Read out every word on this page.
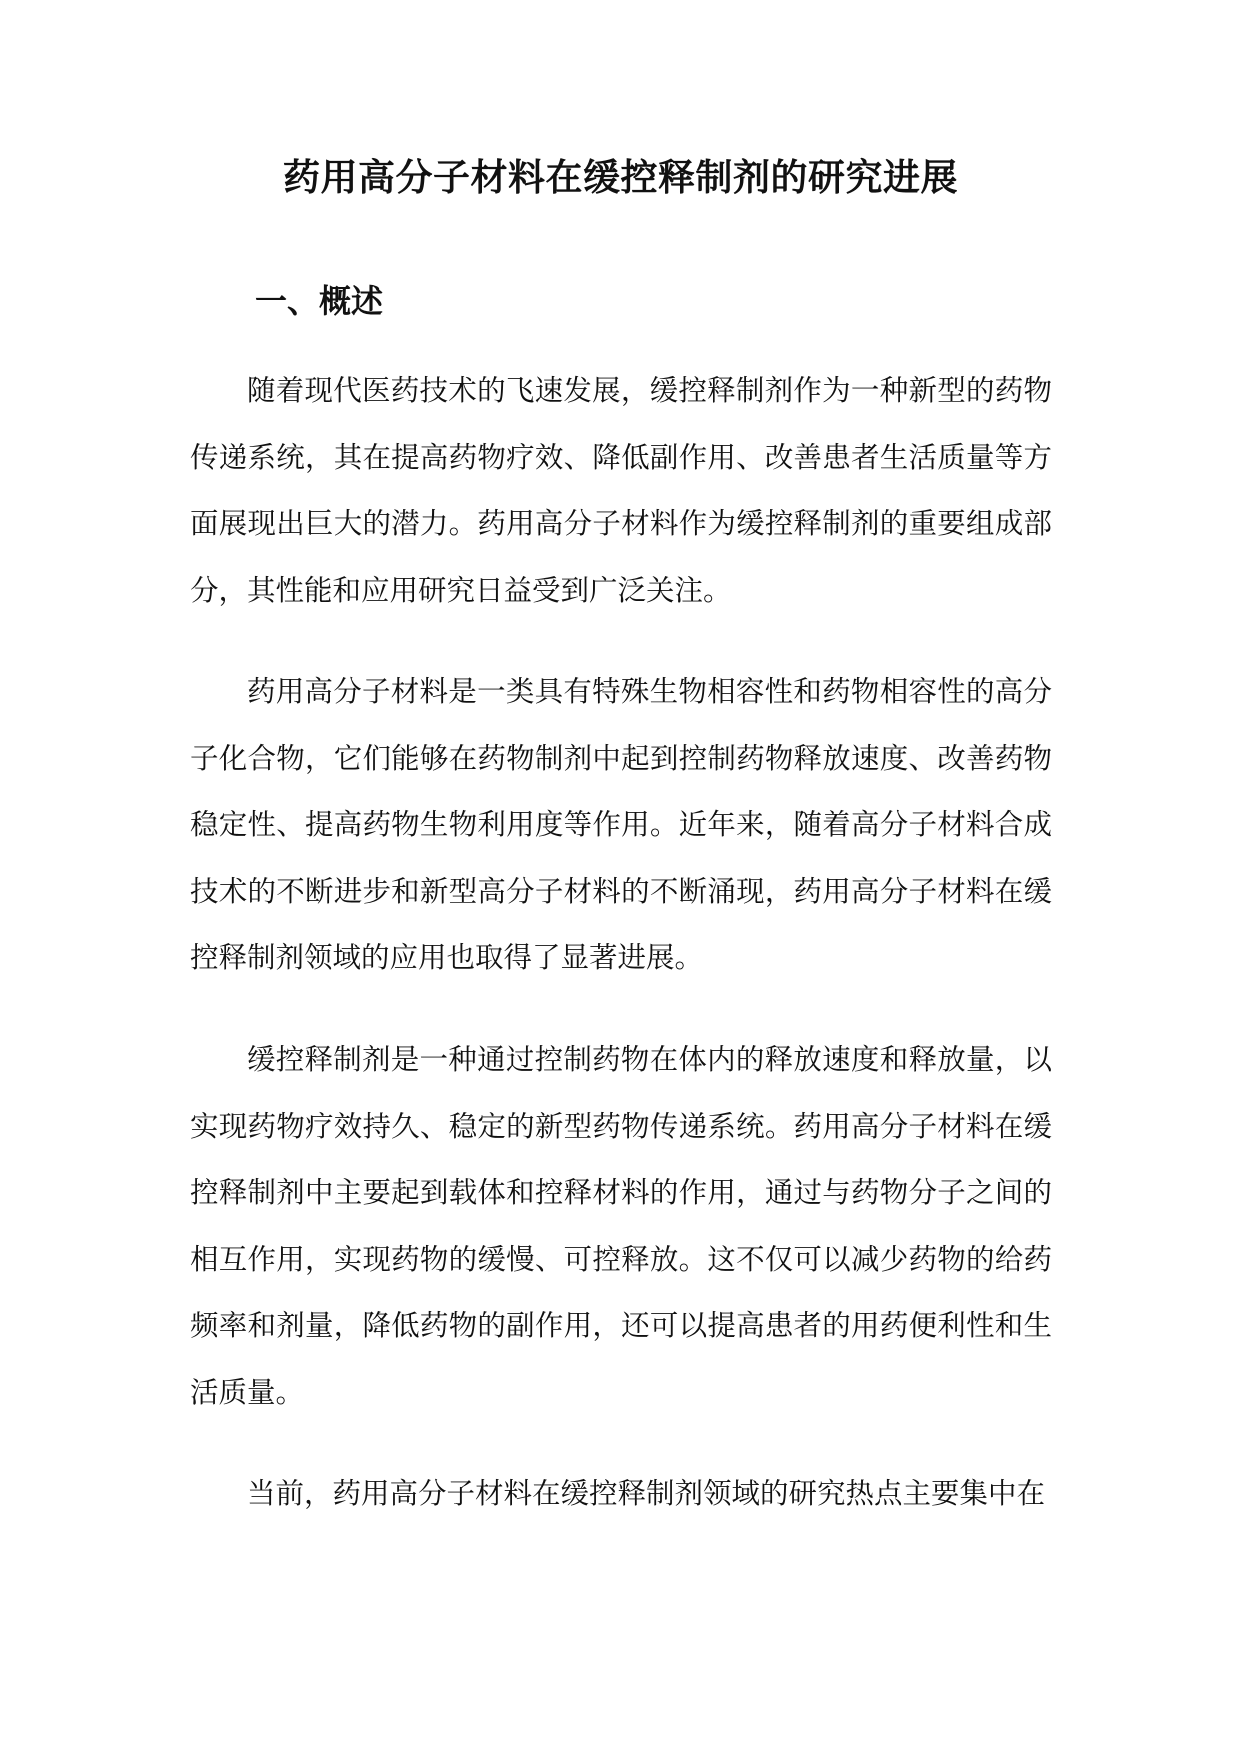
药用高分子材料在缓控释制剂的研究进展
一、概述

随着现代医药技术的飞速发展，缓控释制剂作为一种新型的药物传递系统，其在提高药物疗效、降低副作用、改善患者生活质量等方面展现出巨大的潜力。药用高分子材料作为缓控释制剂的重要组成部分，其性能和应用研究日益受到广泛关注。

药用高分子材料是一类具有特殊生物相容性和药物相容性的高分子化合物，它们能够在药物制剂中起到控制药物释放速度、改善药物稳定性、提高药物生物利用度等作用。近年来，随着高分子材料合成技术的不断进步和新型高分子材料的不断涌现，药用高分子材料在缓控释制剂领域的应用也取得了显著进展。

缓控释制剂是一种通过控制药物在体内的释放速度和释放量，以实现药物疗效持久、稳定的新型药物传递系统。药用高分子材料在缓控释制剂中主要起到载体和控释材料的作用，通过与药物分子之间的相互作用，实现药物的缓慢、可控释放。这不仅可以减少药物的给药频率和剂量，降低药物的副作用，还可以提高患者的用药便利性和生活质量。

当前，药用高分子材料在缓控释制剂领域的研究热点主要集中在
